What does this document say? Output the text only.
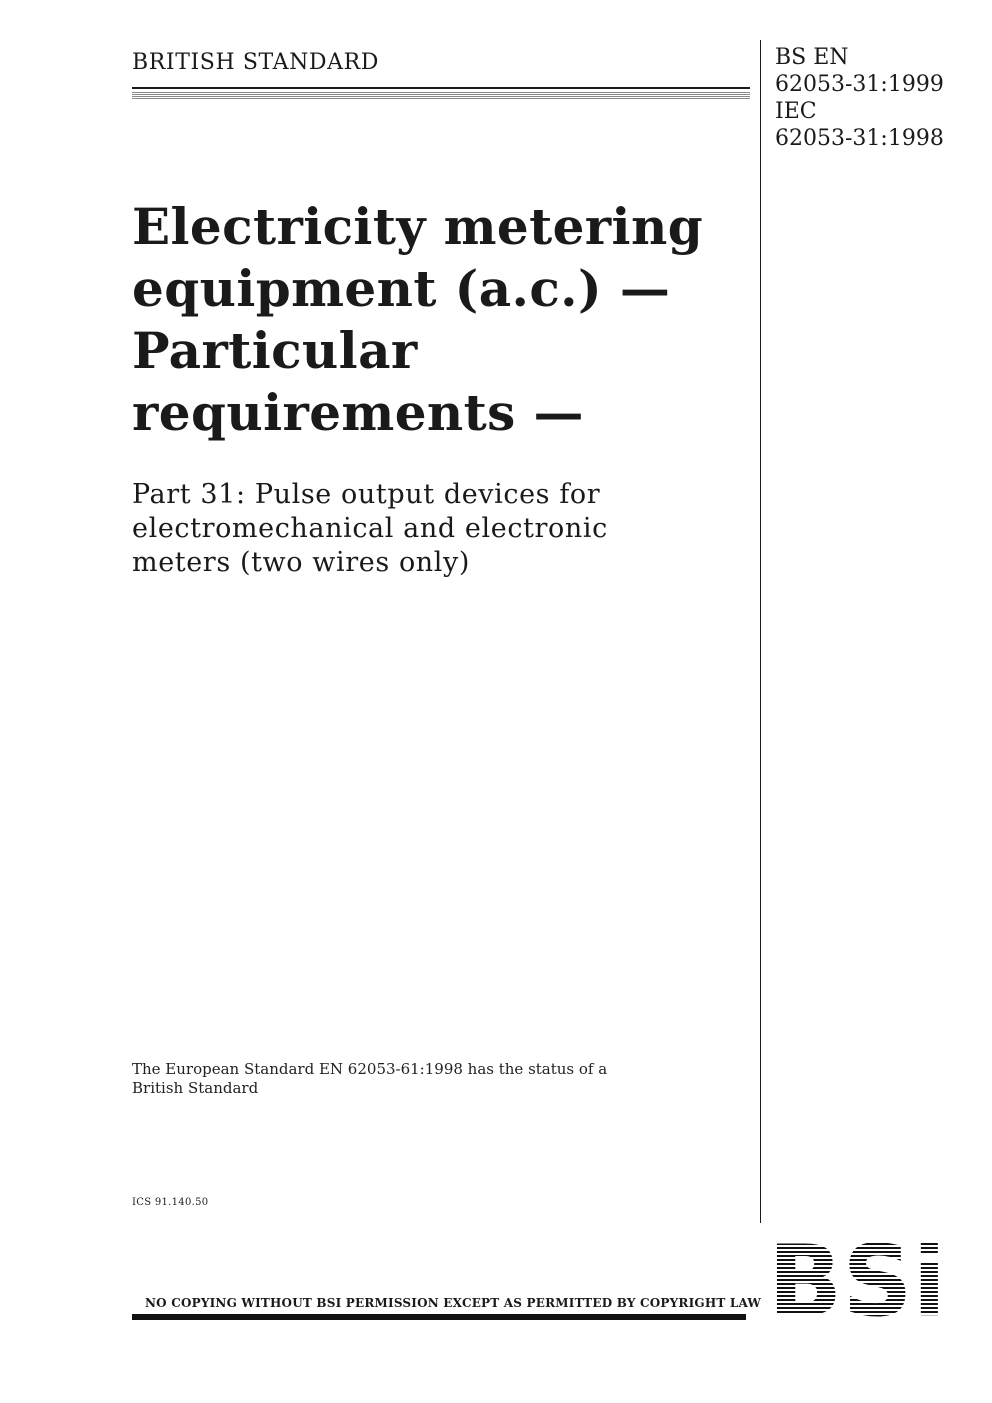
BRITISH STANDARD	BS EN
62053-31:1999
IEC
62053-31:1998
Electricity metering
equipment (a.c.) —
Particular
requirements —
Part 31: Pulse output devices for
electromechanical and electronic
meters (two wires only)
The European Standard EN 62053-61:1998 has the status of a
British Standard
ICS 91.140.50
NO COPYING WITHOUT BSI PERMISSION EXCEPT AS PERMITTED BY COPYRIGHT LAW
